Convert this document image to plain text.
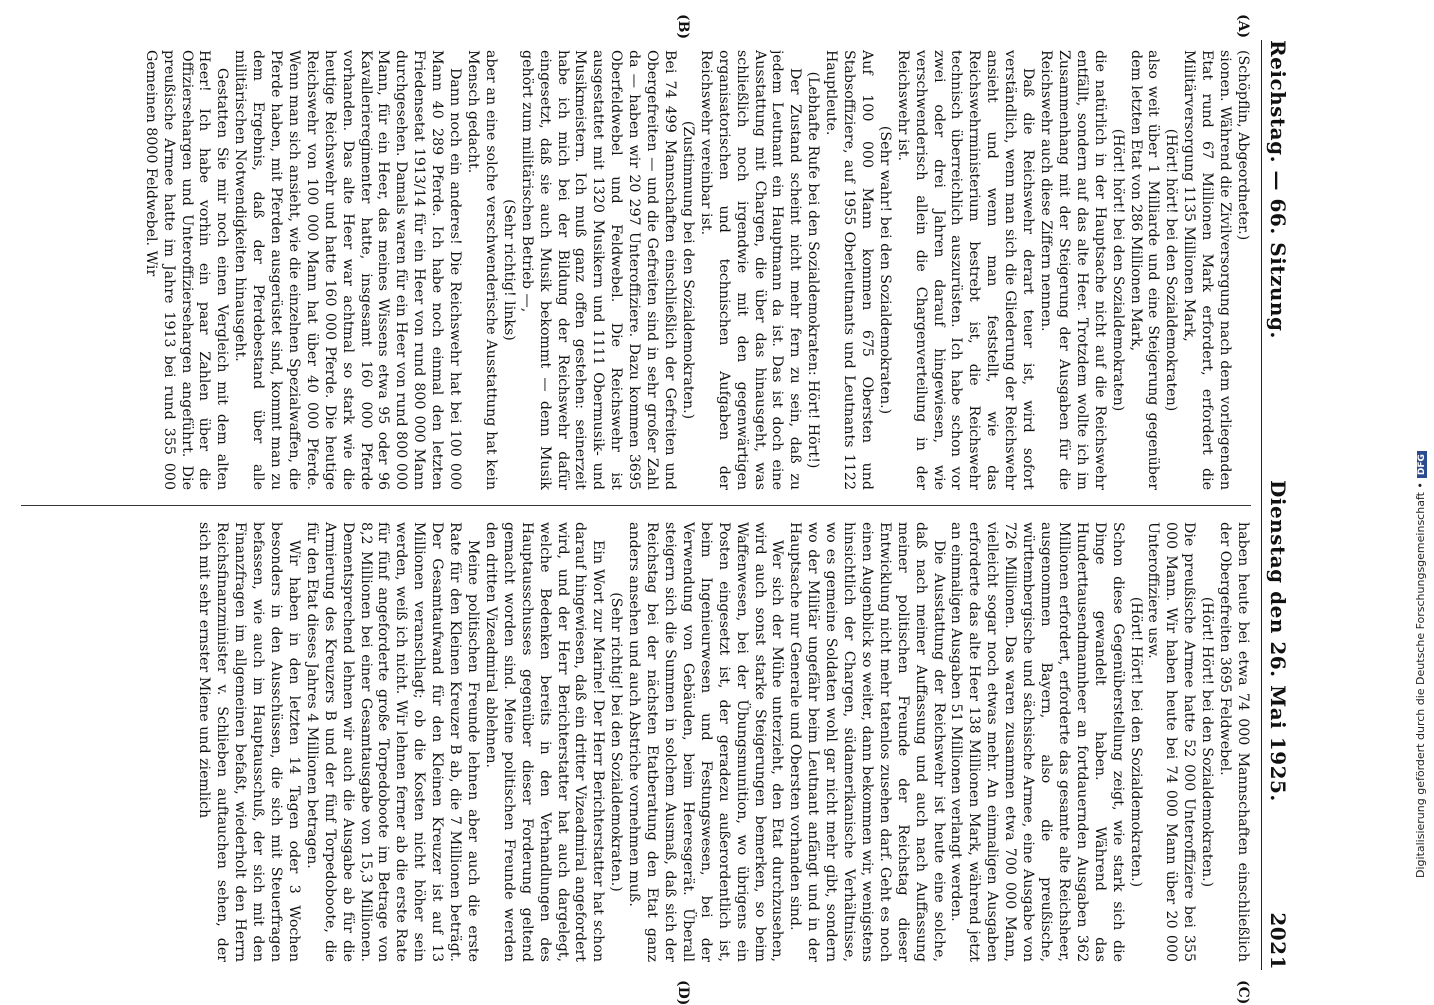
Reichstag. — 66. Sitzung.
Dienstag den 26. Mai 1925.
2021
(A)
(B)
(C)
(D)

(Schöpflin, Abgeordneter.)

sionen. Während die Zivilversorgung nach dem vorliegenden Etat rund 67 Millionen Mark erfordert, erfordert die Militärversorgung 1135 Millionen Mark,

(Hört! hört! bei den Sozialdemokraten)

also weit über 1 Milliarde und eine Steigerung gegenüber dem letzten Etat von 286 Millionen Mark,

(Hört! hört! bei den Sozialdemokraten)

die natürlich in der Hauptsache nicht auf die Reichswehr entfällt, sondern auf das alte Heer. Trotzdem wollte ich im Zusammenhang mit der Steigerung der Ausgaben für die Reichswehr auch diese Ziffern nennen.

Daß die Reichswehr derart teuer ist, wird sofort verständlich, wenn man sich die Gliederung der Reichswehr ansieht und wenn man feststellt, wie das Reichswehrministerium bestrebt ist, die Reichswehr technisch überreichlich auszurüsten. Ich habe schon vor zwei oder drei Jahren darauf hingewiesen, wie verschwenderisch allein die Chargenverteilung in der Reichswehr ist.

(Sehr wahr! bei den Sozialdemokraten.)

Auf 100 000 Mann kommen 675 Obersten und Stabsoffiziere, auf 1955 Oberleutnants und Leutnants 1122 Hauptleute.

(Lebhafte Rufe bei den Sozialdemokraten: Hört! Hört!)

Der Zustand scheint nicht mehr fern zu sein, daß zu jedem Leutnant ein Hauptmann da ist. Das ist doch eine Ausstattung mit Chargen, die über das hinausgeht, was schließlich noch irgendwie mit den gegenwärtigen organisatorischen und technischen Aufgaben der Reichswehr vereinbar ist.

(Zustimmung bei den Sozialdemokraten.)

Bei 74 499 Mannschaften einschließlich der Gefreiten und Obergefreiten — und die Gefreiten sind in sehr großer Zahl da — haben wir 20 297 Unteroffiziere. Dazu kommen 3695 Oberfeldwebel und Feldwebel. Die Reichswehr ist ausgestattet mit 1320 Musikern und 1111 Obermusik- und Musikmeistern. Ich muß ganz offen gestehen: seinerzeit habe ich mich bei der Bildung der Reichswehr dafür eingesetzt, daß sie auch Musik bekommt — denn Musik gehört zum militärischen Betrieb —,

(Sehr richtig! links)

aber an eine solche verschwenderische Ausstattung hat kein Mensch gedacht.

Dann noch ein anderes! Die Reichswehr hat bei 100 000 Mann 40 289 Pferde. Ich habe noch einmal den letzten Friedensetat 1913/14 für ein Heer von rund 800 000 Mann durchgesehen. Damals waren für ein Heer von rund 800 000 Mann, für ein Heer, das meines Wissens etwa 95 oder 96 Kavallerieregimenter hatte, insgesamt 160 000 Pferde vorhanden. Das alte Heer war achtmal so stark wie die heutige Reichswehr und hatte 160 000 Pferde. Die heutige Reichswehr von 100 000 Mann hat über 40 000 Pferde. Wenn man sich ansieht, wie die einzelnen Spezialwaffen, die Pferde haben, mit Pferden ausgerüstet sind, kommt man zu dem Ergebnis, daß der Pferdebestand über alle militärischen Notwendigkeiten hinausgeht.

Gestatten Sie mir noch einen Vergleich mit dem alten Heer! Ich habe vorhin ein paar Zahlen über die Offiziersehargen und Unteroffiziersehargen angeführt. Die preußische Armee hatte im Jahre 1913 bei rund 355 000 Gemeinen 8000 Feldwebel. Wir

haben heute bei etwa 74 000 Mannschaften einschließlich der Obergefreiten 3695 Feldwebel.

(Hört! Hört! bei den Sozialdemokraten.)

Die preußische Armee hatte 52 000 Unteroffiziere bei 355 000 Mann. Wir haben heute bei 74 000 Mann über 20 000 Unteroffiziere usw.

(Hört! Hört! bei den Sozialdemokraten.)

Schon diese Gegenüberstellung zeigt, wie stark sich die Dinge gewandelt haben. Während das Hunderttausendmannheer an fortdauernden Ausgaben 362 Millionen erfordert, erforderte das gesamte alte Reichsheer, ausgenommen Bayern, also die preußische, württembergische und sächsische Armee, eine Ausgabe von 726 Millionen. Das waren zusammen etwa 700 000 Mann, vielleicht sogar noch etwas mehr. An einmaligen Ausgaben erforderte das alte Heer 138 Millionen Mark, während jetzt an einmaligen Ausgaben 51 Millionen verlangt werden.

Die Ausstattung der Reichswehr ist heute eine solche, daß nach meiner Auffassung und auch nach Auffassung meiner politischen Freunde der Reichstag dieser Entwicklung nicht mehr tatenlos zusehen darf. Geht es noch einen Augenblick so weiter, dann bekommen wir, wenigstens hinsichtlich der Chargen, südamerikanische Verhältnisse, wo es gemeine Soldaten wohl gar nicht mehr gibt, sondern wo der Militär ungefähr beim Leutnant anfängt und in der Hauptsache nur Generale und Obersten vorhanden sind.

Wer sich der Mühe unterzieht, den Etat durchzusehen, wird auch sonst starke Steigerungen bemerken, so beim Waffenwesen, bei der Übungsmunition, wo übrigens ein Posten eingesetzt ist, der geradezu außerordentlich ist, beim Ingenieurwesen und Festungswesen, bei der Verwendung von Gebäuden, beim Heeresgerät. Überall steigern sich die Summen in solchem Ausmaß, daß sich der Reichstag bei der nächsten Etatberatung den Etat ganz anders ansehen und auch Abstriche vornehmen muß.

(Sehr richtig! bei den Sozialdemokraten.)

Ein Wort zur Marine! Der Herr Berichterstatter hat schon darauf hingewiesen, daß ein dritter Vizeadmiral angefordert wird, und der Herr Berichterstatter hat auch dargelegt, welche Bedenken bereits in den Verhandlungen des Hauptausschusses gegenüber dieser Forderung geltend gemacht worden sind. Meine politischen Freunde werden den dritten Vizeadmiral ablehnen.

Meine politischen Freunde lehnen aber auch die erste Rate für den Kleinen Kreuzer B ab, die 7 Millionen beträgt. Der Gesamtaufwand für den Kleinen Kreuzer ist auf 13 Millionen veranschlagt; ob die Kosten nicht höher sein werden, weiß ich nicht. Wir lehnen ferner ab die erste Rate für fünf angeforderte große Torpedoboote im Betrage von 8,2 Millionen bei einer Gesamtausgabe von 15,3 Millionen. Dementsprechend lehnen wir auch die Ausgabe ab für die Armierung des Kreuzers B und der fünf Torpedoboote, die für den Etat dieses Jahres 4 Millionen betragen.

Wir haben in den letzten 14 Tagen oder 3 Wochen besonders in den Ausschüssen, die sich mit Steuerfragen befassen, wie auch im Hauptausschuß, der sich mit den Finanzfragen im allgemeinen befaßt, wiederholt den Herrn Reichsfinanzminister v. Schlieben auftauchen sehen, der sich mit sehr ernster Miene und ziemlich	Digitalisierung gefördert durch die Deutsche Forschungsgemeinschaft •DFG
